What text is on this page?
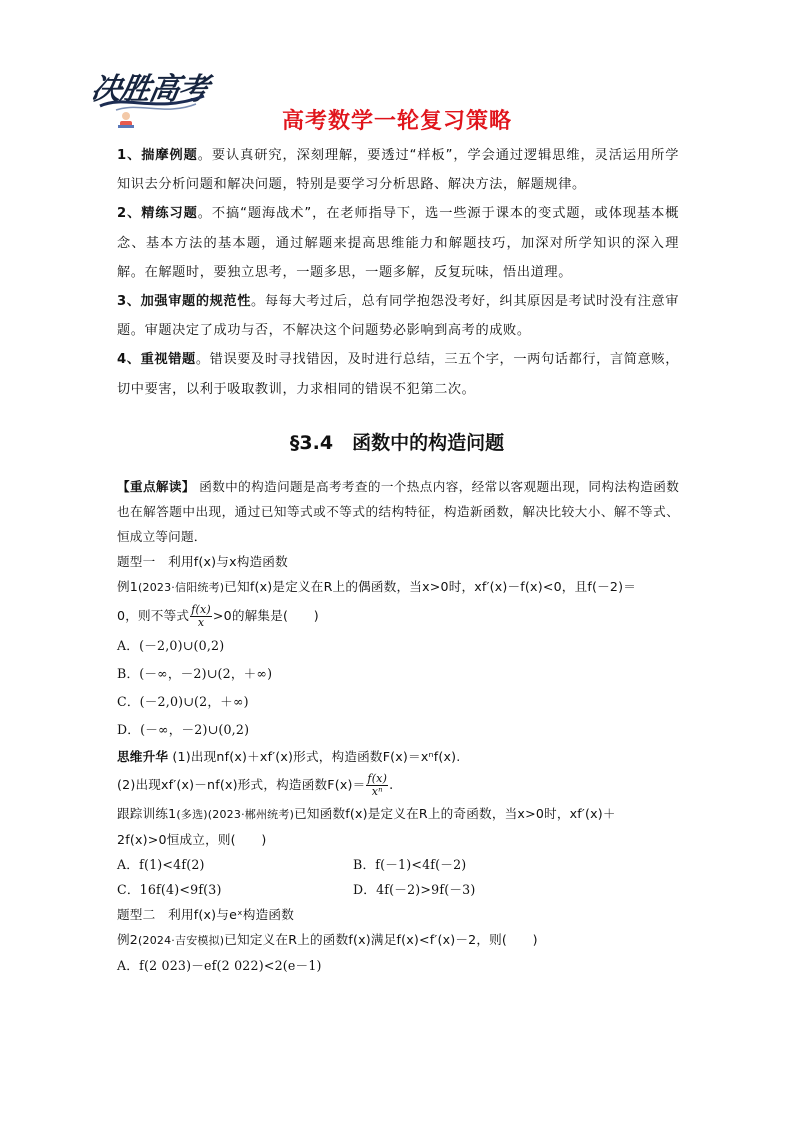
决胜高考
高考数学一轮复习策略

1、揣摩例题。要认真研究，深刻理解，要透过“样板”，学会通过逻辑思维，灵活运用所学知识去分析问题和解决问题，特别是要学习分析思路、解决方法，解题规律。

2、精练习题。不搞“题海战术”，在老师指导下，选一些源于课本的变式题，或体现基本概念、基本方法的基本题，通过解题来提高思维能力和解题技巧，加深对所学知识的深入理解。在解题时，要独立思考，一题多思，一题多解，反复玩味，悟出道理。

3、加强审题的规范性。每每大考过后，总有同学抱怨没考好，纠其原因是考试时没有注意审题。审题决定了成功与否，不解决这个问题势必影响到高考的成败。

4、重视错题。错误要及时寻找错因，及时进行总结，三五个字，一两句话都行，言简意赅，切中要害，以利于吸取教训，力求相同的错误不犯第二次。

§3.4　函数中的构造问题

【重点解读】 函数中的构造问题是高考考查的一个热点内容，经常以客观题出现，同构法构造函数也在解答题中出现，通过已知等式或不等式的结构特征，构造新函数，解决比较大小、解不等式、恒成立等问题．

题型一　利用f(x)与x构造函数

例1(2023·信阳统考)已知f(x)是定义在R上的偶函数，当x>0时，xf′(x)－f(x)<0，且f(－2)＝

0，则不等式 $\frac{f(x)}{x} >0$的解集是(　　)

A．(－2,0)∪(0,2)

B．(－∞，－2)∪(2，＋∞)

C．(－2,0)∪(2，＋∞)

D．(－∞，－2)∪(0,2)

思维升华 (1)出现nf(x)＋xf′(x)形式，构造函数F(x)＝xⁿf(x).

(2)出现xf′(x)－nf(x)形式，构造函数$F(x)= \frac{f(x)}{\text{xⁿ}}$ .

跟踪训练1(多选)(2023·郴州统考)已知函数f(x)是定义在R上的奇函数，当x>0时，xf′(x)＋

2f(x)>0恒成立，则(　　)

A．f(1)<4f(2)	B．f(－1)<4f(－2)

C．16f(4)<9f(3)	D．4f(－2)>9f(－3)

题型二　利用f(x)与eˣ构造函数

例2(2024·吉安模拟)已知定义在R上的函数f(x)满足f(x)<f′(x)－2，则(　　)

A．f(2 023)－ef(2 022)<2(e－1)
